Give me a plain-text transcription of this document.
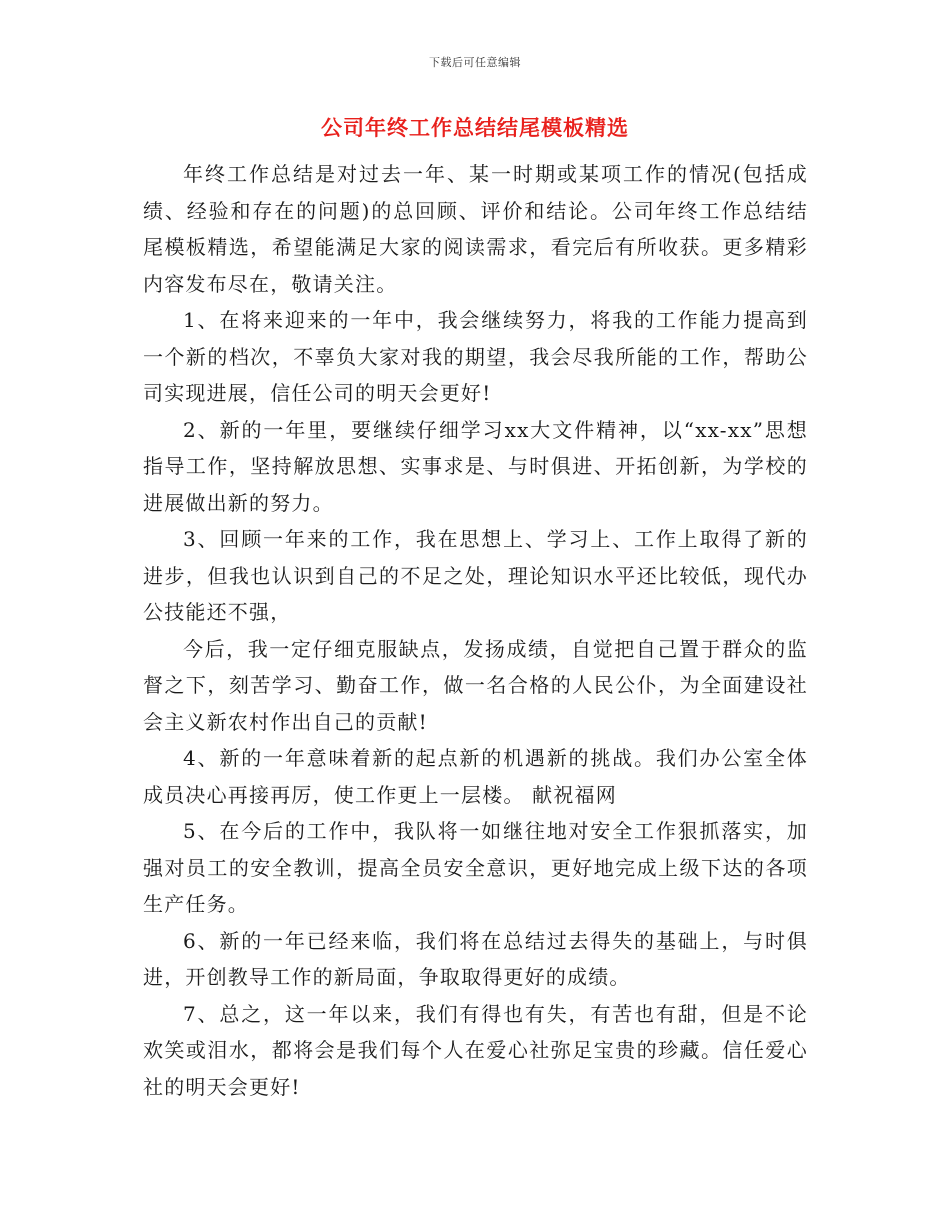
下载后可任意编辑
公司年终工作总结结尾模板精选

年终工作总结是对过去一年、某一时期或某项工作的情况(包括成绩、经验和存在的问题)的总回顾、评价和结论。公司年终工作总结结尾模板精选，希望能满足大家的阅读需求，看完后有所收获。更多精彩内容发布尽在，敬请关注。

1、在将来迎来的一年中，我会继续努力，将我的工作能力提高到一个新的档次，不辜负大家对我的期望，我会尽我所能的工作，帮助公司实现进展，信任公司的明天会更好!

2、新的一年里，要继续仔细学习xx大文件精神，以“xx-xx”思想指导工作，坚持解放思想、实事求是、与时俱进、开拓创新，为学校的进展做出新的努力。

3、回顾一年来的工作，我在思想上、学习上、工作上取得了新的进步，但我也认识到自己的不足之处，理论知识水平还比较低，现代办公技能还不强，

今后，我一定仔细克服缺点，发扬成绩，自觉把自己置于群众的监督之下，刻苦学习、勤奋工作，做一名合格的人民公仆，为全面建设社会主义新农村作出自己的贡献!

4、新的一年意味着新的起点新的机遇新的挑战。我们办公室全体成员决心再接再厉，使工作更上一层楼。 献祝福网

5、在今后的工作中，我队将一如继往地对安全工作狠抓落实，加强对员工的安全教训，提高全员安全意识，更好地完成上级下达的各项生产任务。

6、新的一年已经来临，我们将在总结过去得失的基础上，与时俱进，开创教导工作的新局面，争取取得更好的成绩。

7、总之，这一年以来，我们有得也有失，有苦也有甜，但是不论欢笑或泪水，都将会是我们每个人在爱心社弥足宝贵的珍藏。信任爱心社的明天会更好!
